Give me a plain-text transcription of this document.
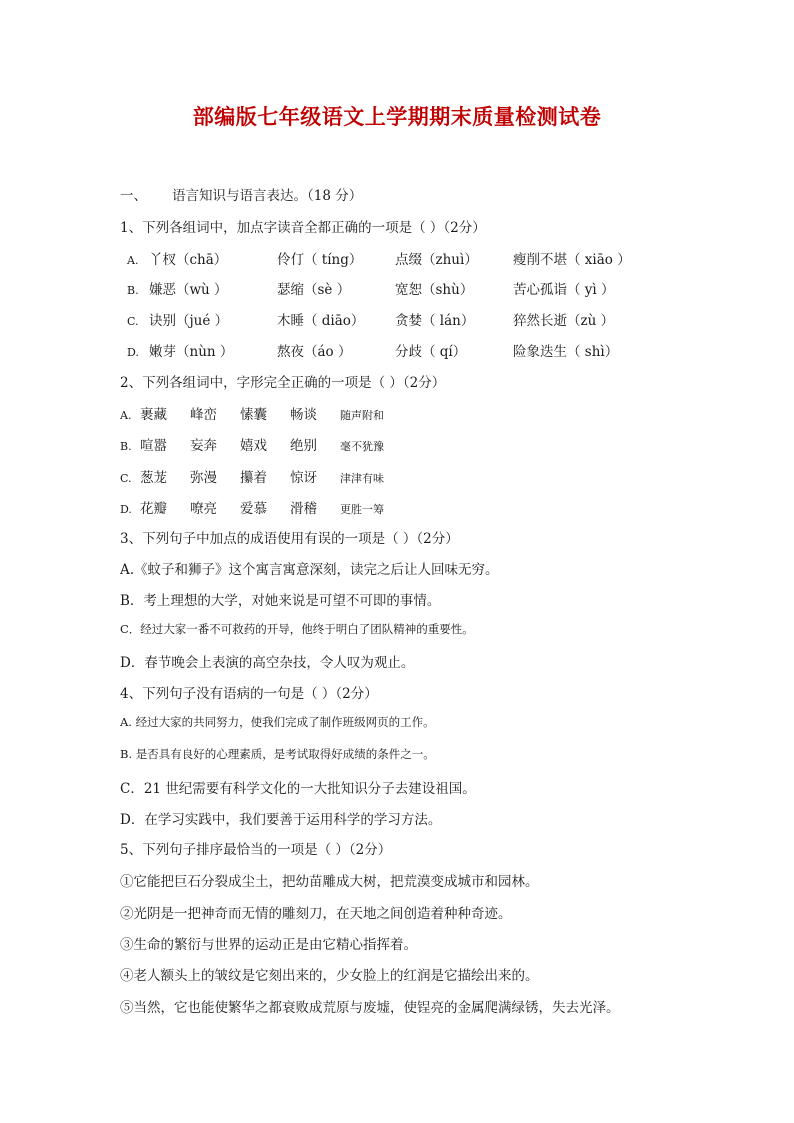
部编版七年级语文上学期期末质量检测试卷
一、 语言知识与语言表达。（18 分）
1、下列各组词中，加点字读音全都正确的一项是（ ）（2分）
A. 丫杈（chā）	伶仃（ tíng） 点缀（zhuì）	瘦削不堪（ xiāo ）
B. 嫌恶（wù ）	瑟缩（sè ）	宽恕（shù）	苦心孤诣（ yì ）
C. 诀别（jué ）	木睡（ diāo） 贪婪（ lán）	猝然长逝（zù ）
D. 嫩芽（nùn ）	熬夜（áo ）	分歧（ qí）	险象迭生（ shì）
2、下列各组词中，字形完全正确的一项是（ ）（2分）
A. 裹藏 峰峦 愫囊 畅谈 随声附和
B. 喧嚣 妄奔 嬉戏 绝别 毫不犹豫
C. 葱茏 弥漫 攥着 惊讶 津津有味
D. 花瓣 嘹亮 爱慕 滑稽 更胜一筹
3、下列句子中加点的成语使用有误的一项是（ ）（2分）
A.《蚊子和狮子》这个寓言寓意深刻，读完之后让人回味无穷。
B．考上理想的大学，对她来说是可望不可即的事情。
C．经过大家一番不可救药的开导，他终于明白了团队精神的重要性。
D．春节晚会上表演的高空杂技，令人叹为观止。
4、下列句子没有语病的一句是（ ）（2分）
A. 经过大家的共同努力，使我们完成了制作班级网页的工作。
B. 是否具有良好的心理素质，是考试取得好成绩的条件之一。
C．21 世纪需要有科学文化的一大批知识分子去建设祖国。
D．在学习实践中，我们要善于运用科学的学习方法。
5、下列句子排序最恰当的一项是（ ）（2分）
①它能把巨石分裂成尘土，把幼苗雕成大树，把荒漠变成城市和园林。
②光阴是一把神奇而无情的雕刻刀，在天地之间创造着种种奇迹。
③生命的繁衍与世界的运动正是由它精心指挥着。
④老人额头上的皱纹是它刻出来的，少女脸上的红润是它描绘出来的。
⑤当然，它也能使繁华之都衰败成荒原与废墟，使锃亮的金属爬满绿锈，失去光泽。
